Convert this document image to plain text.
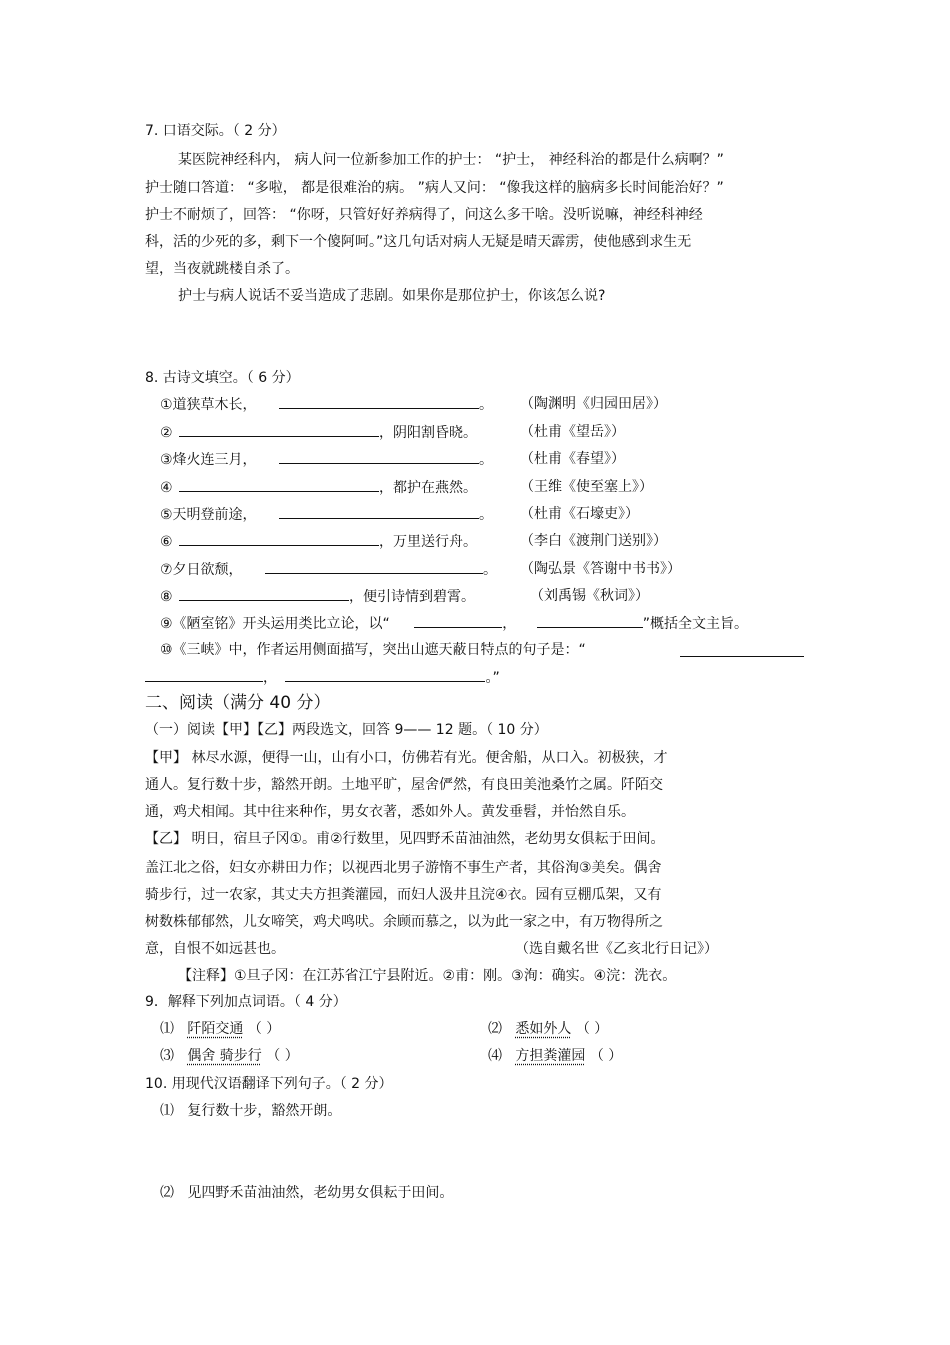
7. 口语交际。（ 2 分）
某医院神经科内， 病人问一位新参加工作的护士： “护士， 神经科治的都是什么病啊？”
护士随口答道： “多啦， 都是很难治的病。 ”病人又问： “像我这样的脑病多长时间能治好？”
护士不耐烦了，回答： “你呀，只管好好养病得了，问这么多干啥。没听说嘛，神经科神经
科，活的少死的多，剩下一个傻阿呵。”这几句话对病人无疑是晴天霹雳，使他感到求生无
望，当夜就跳楼自杀了。
护士与病人说话不妥当造成了悲剧。如果你是那位护士，你该怎么说?
8. 古诗文填空。（ 6 分）
①道狭草木长，	。 （陶渊明《归园田居》）
②	，阴阳割昏晓。	（杜甫《望岳》）
③烽火连三月，	。 （杜甫《春望》）
④	，都护在燕然。	（王维《使至塞上》）
⑤天明登前途，	。 （杜甫《石壕吏》）
⑥	，万里送行舟。	（李白《渡荆门送别》）
⑦夕日欲颓，	。 （陶弘景《答谢中书书》）
⑧	，便引诗情到碧霄。	（刘禹锡《秋词》）
⑨《陋室铭》开头运用类比立论，以“	，	”概括全文主旨。
⑩《三峡》中，作者运用侧面描写，突出山遮天蔽日特点的句子是：“
，	。”
二、阅读（满分 40 分）
（一）阅读【甲】【乙】两段选文，回答 9—— 12 题。（ 10 分）
【甲】 林尽水源，便得一山，山有小口，仿佛若有光。便舍船，从口入。初极狭，才
通人。复行数十步，豁然开朗。土地平旷，屋舍俨然，有良田美池桑竹之属。阡陌交
通，鸡犬相闻。其中往来种作，男女衣著，悉如外人。黄发垂髫，并怡然自乐。
【乙】 明日，宿旦子冈①。甫②行数里，见四野禾苗油油然，老幼男女俱耘于田间。
盖江北之俗，妇女亦耕田力作；以视西北男子游惰不事生产者，其俗洵③美矣。偶舍
骑步行，过一农家，其丈夫方担粪灌园，而妇人汲井且浣④衣。园有豆棚瓜架，又有
树数株郁郁然，儿女啼笑，鸡犬鸣吠。余顾而慕之，以为此一家之中，有万物得所之
意，自恨不如远甚也。	（选自戴名世《乙亥北行日记》）
【注释】①旦子冈：在江苏省江宁县附近。②甫：刚。③洵：确实。④浣：洗衣。
9．解释下列加点词语。（ 4 分）
⑴ 阡陌交通 （ ）	⑵ 悉如外人 （ ）
⑶ 偶舍 骑步行 （ ）	⑷ 方担粪灌园 （ ）
10. 用现代汉语翻译下列句子。（ 2 分）
⑴ 复行数十步，豁然开朗。
⑵ 见四野禾苗油油然，老幼男女俱耘于田间。
